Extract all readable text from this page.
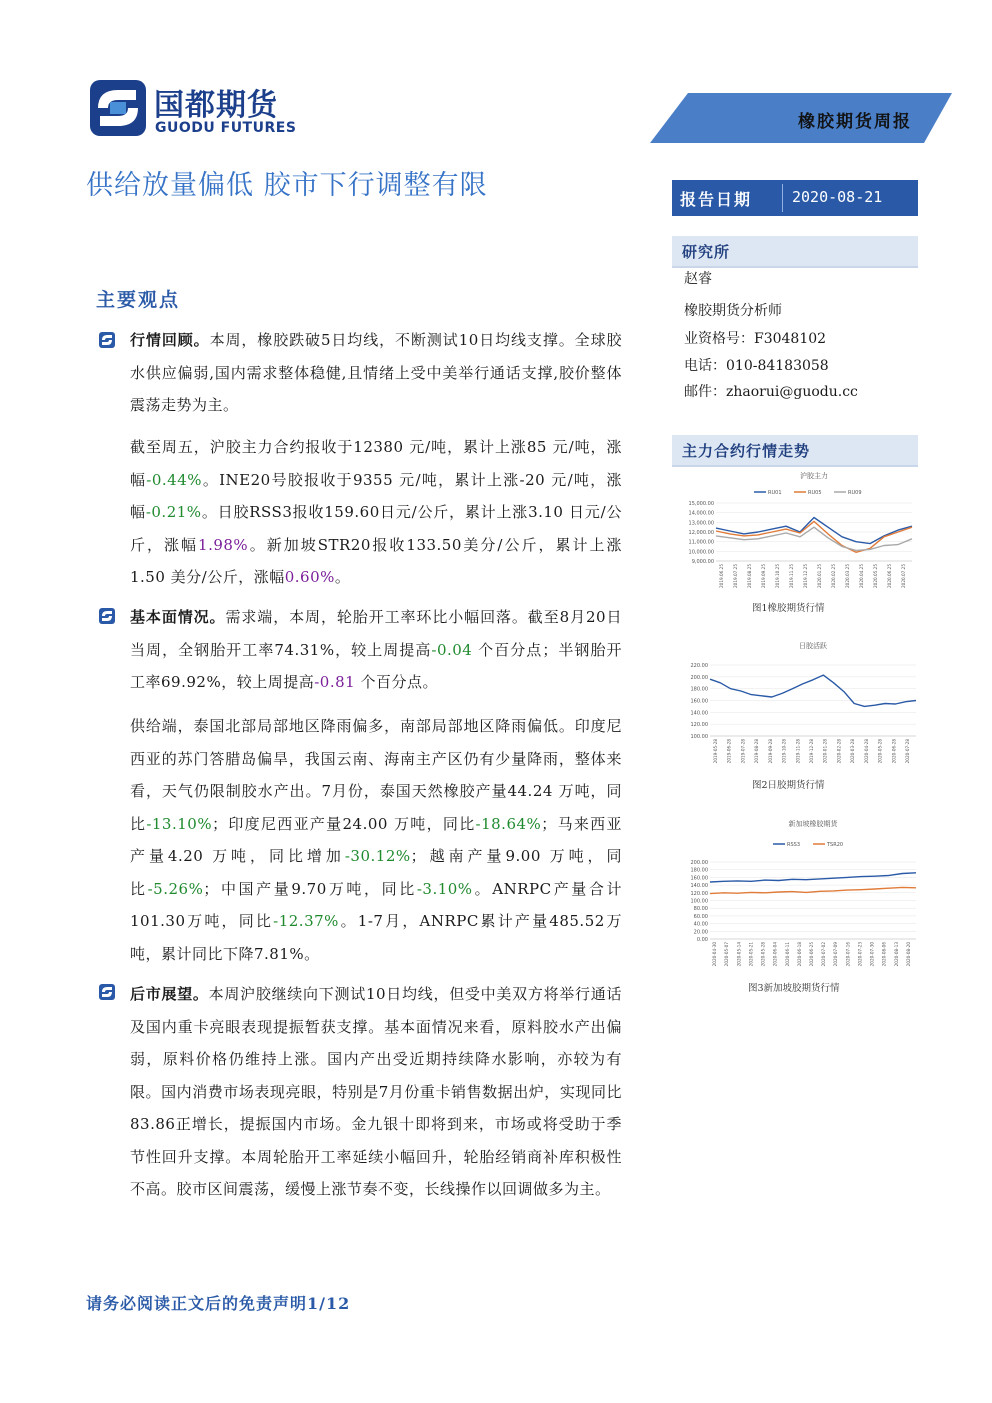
国都期货
GUODU FUTURES	橡胶期货周报
供给放量偏低 胶市下行调整有限	报告日期	2020-08-21
研究所
赵睿
橡胶期货分析师
业资格号：F3048102
电话：010-84183058
邮件：zhaorui@guodu.cc
主力合约行情走势
沪胶主力
RU01	RU05	RU09
15,000.00
14,000.00
13,000.00
12,000.00
11,000.00
10,000.00
9,000.00
2019.06.25 2019.07.25 2019.08.25 2019.09.25 2019.10.25 2019.11.25 2019.12.25 2020.01.25 2020.02.25 2020.03.25 2020.04.25 2020.05.25 2020.06.25 2020.07.25
图1橡胶期货行情
日胶活跃
220.00
200.00
180.00
160.00
140.00
120.00
100.00
2019-05-28 2019-06-28 2019-07-28 2019-08-28 2019-09-28 2019-10-28 2019-11-28 2019-12-28 2020-01-28 2020-02-28 2020-03-28 2020-04-28 2020-05-28 2020-06-28 2020-07-28
图2日胶期货行情
新加坡橡胶期货
RSS3	TSR20
200.00
180.00
160.00
140.00
120.00
100.00
80.00
60.00
40.00
20.00
0.00
2020-04-30 2020-05-07 2020-05-14 2020-05-21 2020-05-28 2020-06-04 2020-06-11 2020-06-18 2020-06-25 2020-07-02 2020-07-09 2020-07-16 2020-07-23 2020-07-30 2020-08-06 2020-08-13 2020-08-20
图3新加坡胶期货行情
主要观点
行情回顾。本周，橡胶跌破5日均线，不断测试10日均线支撑。全球胶水供应偏弱,国内需求整体稳健,且情绪上受中美举行通话支撑,胶价整体震荡走势为主。
截至周五，沪胶主力合约报收于12380 元/吨，累计上涨85 元/吨，涨幅-0.44%。INE20号胶报收于9355 元/吨，累计上涨-20 元/吨，涨幅-0.21%。日胶RSS3报收159.60日元/公斤，累计上涨3.10 日元/公斤，涨幅1.98%。新加坡STR20报收133.50美分/公斤，累计上涨1.50 美分/公斤，涨幅0.60%。
基本面情况。需求端，本周，轮胎开工率环比小幅回落。截至8月20日当周，全钢胎开工率74.31%，较上周提高-0.04 个百分点；半钢胎开工率69.92%，较上周提高-0.81 个百分点。
供给端，泰国北部局部地区降雨偏多，南部局部地区降雨偏低。印度尼西亚的苏门答腊岛偏旱，我国云南、海南主产区仍有少量降雨，整体来看，天气仍限制胶水产出。7月份，泰国天然橡胶产量44.24 万吨，同比-13.10%；印度尼西亚产量24.00 万吨，同比-18.64%；马来西亚产量4.20 万吨，同比增加-30.12%；越南产量9.00 万吨，同比-5.26%；中国产量9.70万吨，同比-3.10%。ANRPC产量合计101.30万吨，同比-12.37%。1-7月，ANRPC累计产量485.52万吨，累计同比下降7.81%。
后市展望。本周沪胶继续向下测试10日均线，但受中美双方将举行通话及国内重卡亮眼表现提振暂获支撑。基本面情况来看，原料胶水产出偏弱，原料价格仍维持上涨。国内产出受近期持续降水影响，亦较为有限。国内消费市场表现亮眼，特别是7月份重卡销售数据出炉，实现同比83.86正增长，提振国内市场。金九银十即将到来，市场或将受助于季节性回升支撑。本周轮胎开工率延续小幅回升，轮胎经销商补库积极性不高。胶市区间震荡，缓慢上涨节奏不变，长线操作以回调做多为主。
请务必阅读正文后的免责声明1/12
